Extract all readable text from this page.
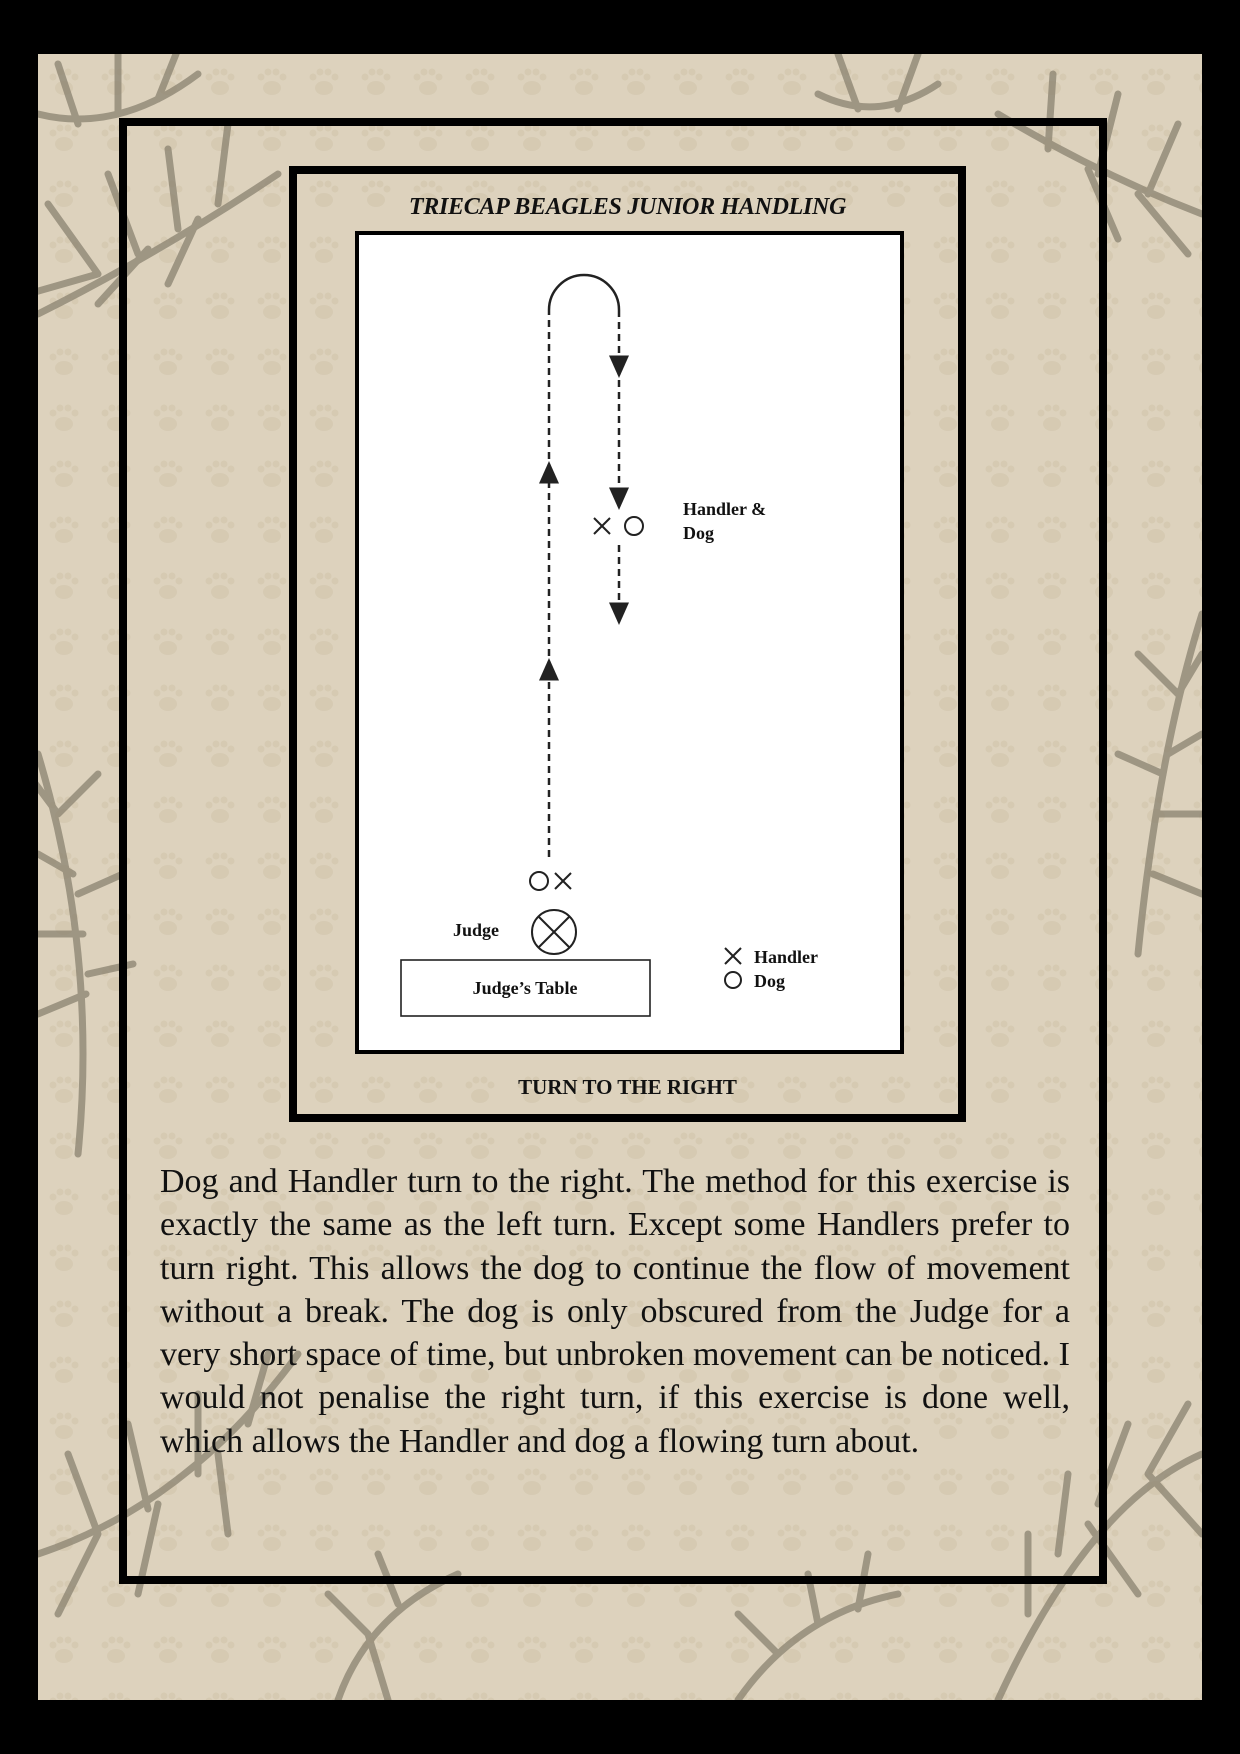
TRIECAP BEAGLES JUNIOR HANDLING
Handler &
Dog
Judge
Judge’s Table
Handler
Dog
TURN TO THE RIGHT

Dog and Handler turn to the right. The method for this exercise is exactly the same as the left turn. Except some Handlers prefer to turn right. This allows the dog to continue the flow of movement without a break. The dog is only obscured from the Judge for a very short space of time, but unbroken movement can be noticed. I would not penalise the right turn, if this exercise is done well, which allows the Handler and dog a flowing turn about.
